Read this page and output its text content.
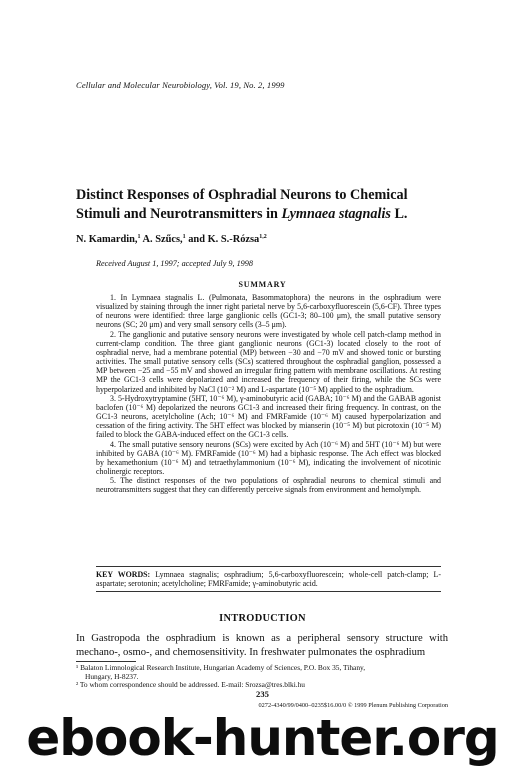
Cellular and Molecular Neurobiology, Vol. 19, No. 2, 1999
Distinct Responses of Osphradial Neurons to Chemical
Stimuli and Neurotransmitters in Lymnaea stagnalis L.
N. Kamardin,$^1$ A. Szűcs,$^1$ and K. S.-Rózsa$^{1,2}$
Received August 1, 1997; accepted July 9, 1998
SUMMARY

1. In Lymnaea stagnalis L. (Pulmonata, Basommatophora) the neurons in the osphradium were visualized by staining through the inner right parietal nerve by 5,6-carboxyfluorescein (5,6-CF). Three types of neurons were identified: three large ganglionic cells (GC1-3; 80–100 μm), the small putative sensory neurons (SC; 20 μm) and very small sensory cells (3–5 μm).

2. The ganglionic and putative sensory neurons were investigated by whole cell patch-clamp method in current-clamp condition. The three giant ganglionic neurons (GC1-3) located closely to the root of osphradial nerve, had a membrane potential (MP) between −30 and −70 mV and showed tonic or bursting activities. The small putative sensory cells (SCs) scattered throughout the osphradial ganglion, possessed a MP between −25 and −55 mV and showed an irregular firing pattern with membrane oscillations. At resting MP the GC1-3 cells were depolarized and increased the frequency of their firing, while the SCs were hyperpolarized and inhibited by NaCl (10⁻² M) and L-aspartate (10⁻⁵ M) applied to the osphradium.

3. 5-Hydroxytryptamine (5HT, 10⁻⁶ M), γ-aminobutyric acid (GABA; 10⁻⁶ M) and the GABAB agonist baclofen (10⁻⁶ M) depolarized the neurons GC1-3 and increased their firing frequency. In contrast, on the GC1-3 neurons, acetylcholine (Ach; 10⁻⁶ M) and FMRFamide (10⁻⁶ M) caused hyperpolarization and cessation of the firing activity. The 5HT effect was blocked by mianserin (10⁻⁵ M) but picrotoxin (10⁻⁵ M) failed to block the GABA-induced effect on the GC1-3 cells.

4. The small putative sensory neurons (SCs) were excited by Ach (10⁻⁶ M) and 5HT (10⁻⁶ M) but were inhibited by GABA (10⁻⁶ M). FMRFamide (10⁻⁶ M) had a biphasic response. The Ach effect was blocked by hexamethonium (10⁻⁶ M) and tetraethylammonium (10⁻⁶ M), indicating the involvement of nicotinic cholinergic receptors.

5. The distinct responses of the two populations of osphradial neurons to chemical stimuli and neurotransmitters suggest that they can differently perceive signals from environment and hemolymph.

KEY WORDS: Lymnaea stagnalis; osphradium; 5,6-carboxyfluorescein; whole-cell patch-clamp; L-aspartate; serotonin; acetylcholine; FMRFamide; γ-aminobutyric acid.
INTRODUCTION
In Gastropoda the osphradium is known as a peripheral sensory structure with mechano-, osmo-, and chemosensitivity. In freshwater pulmonates the osphradium

¹ Balaton Limnological Research Institute, Hungarian Academy of Sciences, P.O. Box 35, Tihany,

Hungary, H-8237.

² To whom correspondence should be addressed. E-mail: Srozsa@tres.blki.hu

235
0272-4340/99/0400–0235$16.00/0 © 1999 Plenum Publishing Corporation
ebook-hunter.org
